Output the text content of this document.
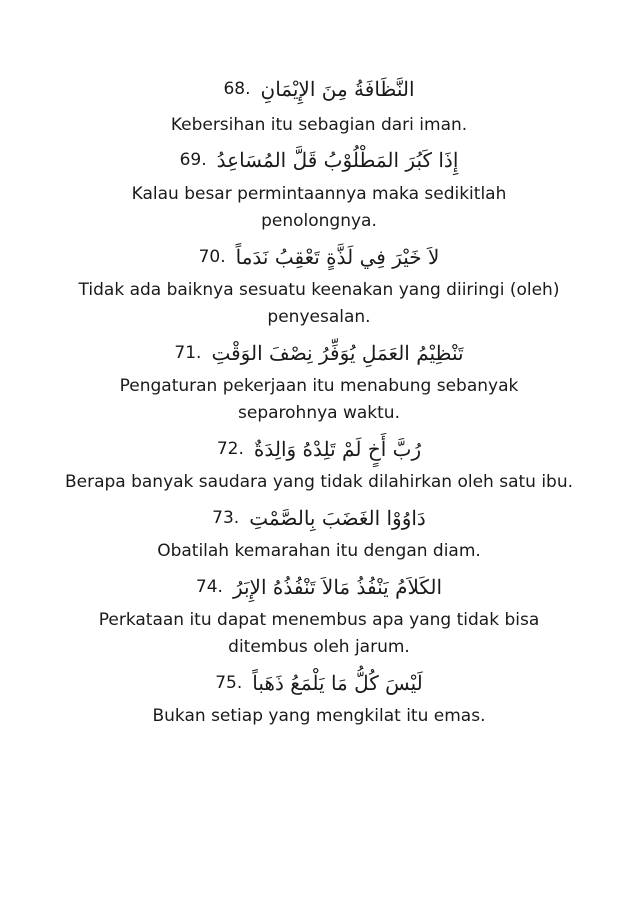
68. النَّظَافَةُ مِنَ الإِيْمَانِ
Kebersihan itu sebagian dari iman.
69. إِذَا كَبُرَ المَطْلُوْبُ قَلَّ المُسَاعِدُ
Kalau besar permintaannya maka sedikitlah penolongnya.
70. لاَ خَيْرَ فِي لَذَّةٍ تَعْقِبُ نَدَماً
Tidak ada baiknya sesuatu keenakan yang diiringi (oleh) penyesalan.
71. تَنْظِيْمُ العَمَلِ يُوَفِّرُ نِصْفَ الوَقْتِ
Pengaturan pekerjaan itu menabung sebanyak separohnya waktu.
72. رُبَّ أَخٍ لَمْ تَلِدْهُ وَالِدَةٌ
Berapa banyak saudara yang tidak dilahirkan oleh satu ibu.
73. دَاوُوْا الغَضَبَ بِالصَّمْتِ
Obatilah kemarahan itu dengan diam.
74. الكَلاَمُ يَنْفُذُ مَالاَ تَنْفُذُهُ الإِبَرُ
Perkataan itu dapat menembus apa yang tidak bisa ditembus oleh jarum.
75. لَيْسَ كُلُّ مَا يَلْمَعُ ذَهَباً
Bukan setiap yang mengkilat itu emas.
